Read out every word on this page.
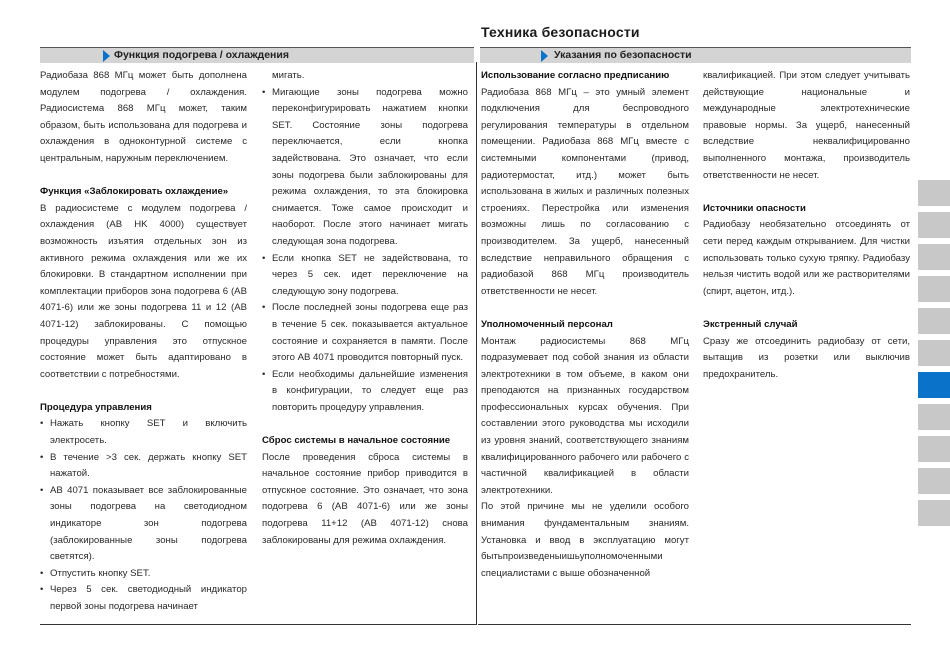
Техника безопасности
Функция подогрева / охлаждения	Указания по безопасности

Радиобаза 868 МГц может быть дополнена модулем подогрева / охлаждения. Радиосистема 868 МГц может, таким образом, быть использована для подогрева и охлаждения в одноконтурной системе с центральным, наружным переключением.

Функция «Заблокировать охлаждение»

В радиосистеме с модулем подогрева / охлаждения (AB HK 4000) существует возможность изъятия отдельных зон из активного режима охлаждения или же их блокировки. В стандартном исполнении при комплектации приборов зона подогрева 6 (AB 4071-6) или же зоны подогрева 11 и 12 (AB 4071-12) заблокированы. С помощью процедуры управления это отпускное состояние может быть адаптировано в соответствии с потребностями.

Процедура управления

• Нажать кнопку SET и включить электросеть.
• В течение >3 сек. держать кнопку SET нажатой.
• AB 4071 показывает все заблокированные зоны подогрева на светодиодном индикаторе зон подогрева (заблокированные зоны подогрева светятся).
• Отпустить кнопку SET.
• Через 5 сек. светодиодный индикатор первой зоны подогрева начинает

мигать.

• Мигающие зоны подогрева можно переконфигурировать нажатием кнопки SET. Состояние зоны подогрева переключается, если кнопка задействована. Это означает, что если зоны подогрева были заблокированы для режима охлаждения, то эта блокировка снимается. Тоже самое происходит и наоборот. После этого начинает мигать следующая зона подогрева.
• Если кнопка SET не задействована, то через 5 сек. идет переключение на следующую зону подогрева.
• После последней зоны подогрева еще раз в течение 5 сек. показывается актуальное состояние и сохраняется в памяти. После этого AB 4071 проводится повторный пуск.
• Если необходимы дальнейшие изменения в конфигурации, то следует еще раз повторить процедуру управления.

Сброс системы в начальное состояние

После проведения сброса системы в начальное состояние прибор приводится в отпускное состояние. Это означает, что зона подогрева 6 (AB 4071-6) или же зоны подогрева 11+12 (AB 4071-12) снова заблокированы для режима охлаждения.

Использование согласно предписанию

Радиобаза 868 МГц – это умный элемент подключения для беспроводного регулирования температуры в отдельном помещении. Радиобаза 868 МГц вместе с системными компонентами (привод, радиотермостат, итд.) может быть использована в жилых и различных полезных строениях. Перестройка или изменения возможны лишь по согласованию с производителем. За ущерб, нанесенный вследствие неправильного обращения с радиобазой 868 МГц производитель ответственности не несет.

Уполномоченный персонал

Монтаж радиосистемы 868 МГц подразумевает под собой знания из области электротехники в том объеме, в каком они преподаются на признанных государством профессиональных курсах обучения. При составлении этого руководства мы исходили из уровня знаний, соответствующего знаниям квалифицированного рабочего или рабочего с частичной квалификацией в области электротехники.

По этой причине мы не уделили особого внимания фундаментальным знаниям. Установка и ввод в эксплуатацию могут бытьпроизведеныишьуполномоченными специалистами с выше обозначенной

квалификацией. При этом следует учитывать действующие национальные и международные электротехнические правовые нормы. За ущерб, нанесенный вследствие неквалифицированно выполненного монтажа, производитель ответственности не несет.

Источники опасности

Радиобазу необязательно отсоединять от сети перед каждым открыванием. Для чистки использовать только сухую тряпку. Радиобазу нельзя чистить водой или же растворителями (спирт, ацетон, итд.).

Экстренный случай

Сразу же отсоединить радиобазу от сети, вытащив из розетки или выключив предохранитель.
